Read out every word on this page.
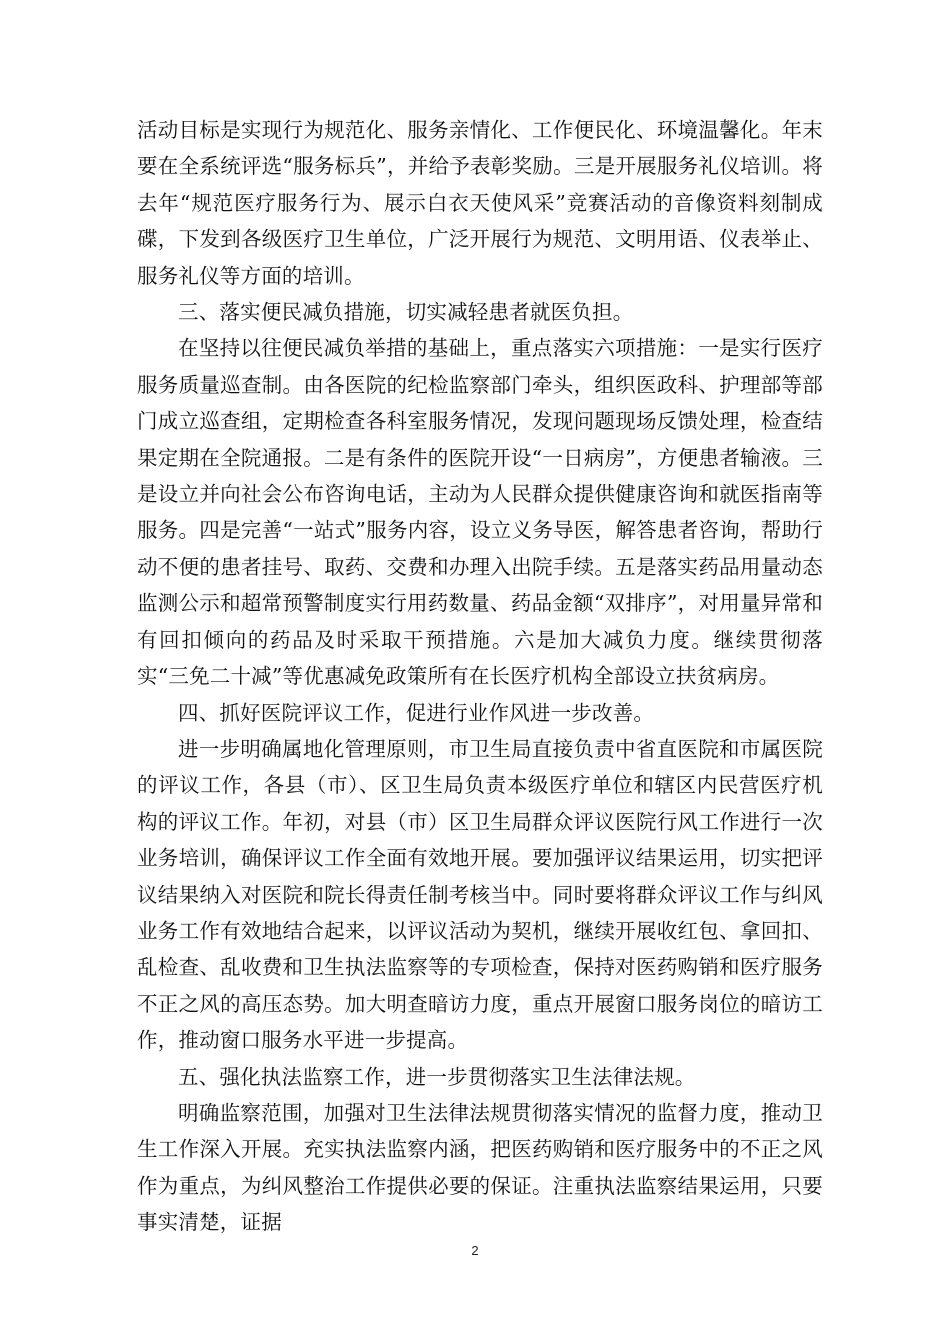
活动目标是实现行为规范化、服务亲情化、工作便民化、环境温馨化。年末要在全系统评选“服务标兵”，并给予表彰奖励。三是开展服务礼仪培训。将去年“规范医疗服务行为、展示白衣天使风采”竞赛活动的音像资料刻制成碟，下发到各级医疗卫生单位，广泛开展行为规范、文明用语、仪表举止、服务礼仪等方面的培训。

三、落实便民减负措施，切实减轻患者就医负担。

在坚持以往便民减负举措的基础上，重点落实六项措施：一是实行医疗服务质量巡查制。由各医院的纪检监察部门牵头，组织医政科、护理部等部门成立巡查组，定期检查各科室服务情况，发现问题现场反馈处理，检查结果定期在全院通报。二是有条件的医院开设“一日病房”，方便患者输液。三是设立并向社会公布咨询电话，主动为人民群众提供健康咨询和就医指南等服务。四是完善“一站式”服务内容，设立义务导医，解答患者咨询，帮助行动不便的患者挂号、取药、交费和办理入出院手续。五是落实药品用量动态监测公示和超常预警制度实行用药数量、药品金额“双排序”，对用量异常和有回扣倾向的药品及时采取干预措施。六是加大减负力度。继续贯彻落实“三免二十减”等优惠减免政策所有在长医疗机构全部设立扶贫病房。

四、抓好医院评议工作，促进行业作风进一步改善。

进一步明确属地化管理原则，市卫生局直接负责中省直医院和市属医院的评议工作，各县（市）、区卫生局负责本级医疗单位和辖区内民营医疗机构的评议工作。年初，对县（市）区卫生局群众评议医院行风工作进行一次业务培训，确保评议工作全面有效地开展。要加强评议结果运用，切实把评议结果纳入对医院和院长得责任制考核当中。同时要将群众评议工作与纠风业务工作有效地结合起来，以评议活动为契机，继续开展收红包、拿回扣、乱检查、乱收费和卫生执法监察等的专项检查，保持对医药购销和医疗服务不正之风的高压态势。加大明查暗访力度，重点开展窗口服务岗位的暗访工作，推动窗口服务水平进一步提高。

五、强化执法监察工作，进一步贯彻落实卫生法律法规。

明确监察范围，加强对卫生法律法规贯彻落实情况的监督力度，推动卫生工作深入开展。充实执法监察内涵，把医药购销和医疗服务中的不正之风作为重点，为纠风整治工作提供必要的保证。注重执法监察结果运用，只要事实清楚，证据

2
